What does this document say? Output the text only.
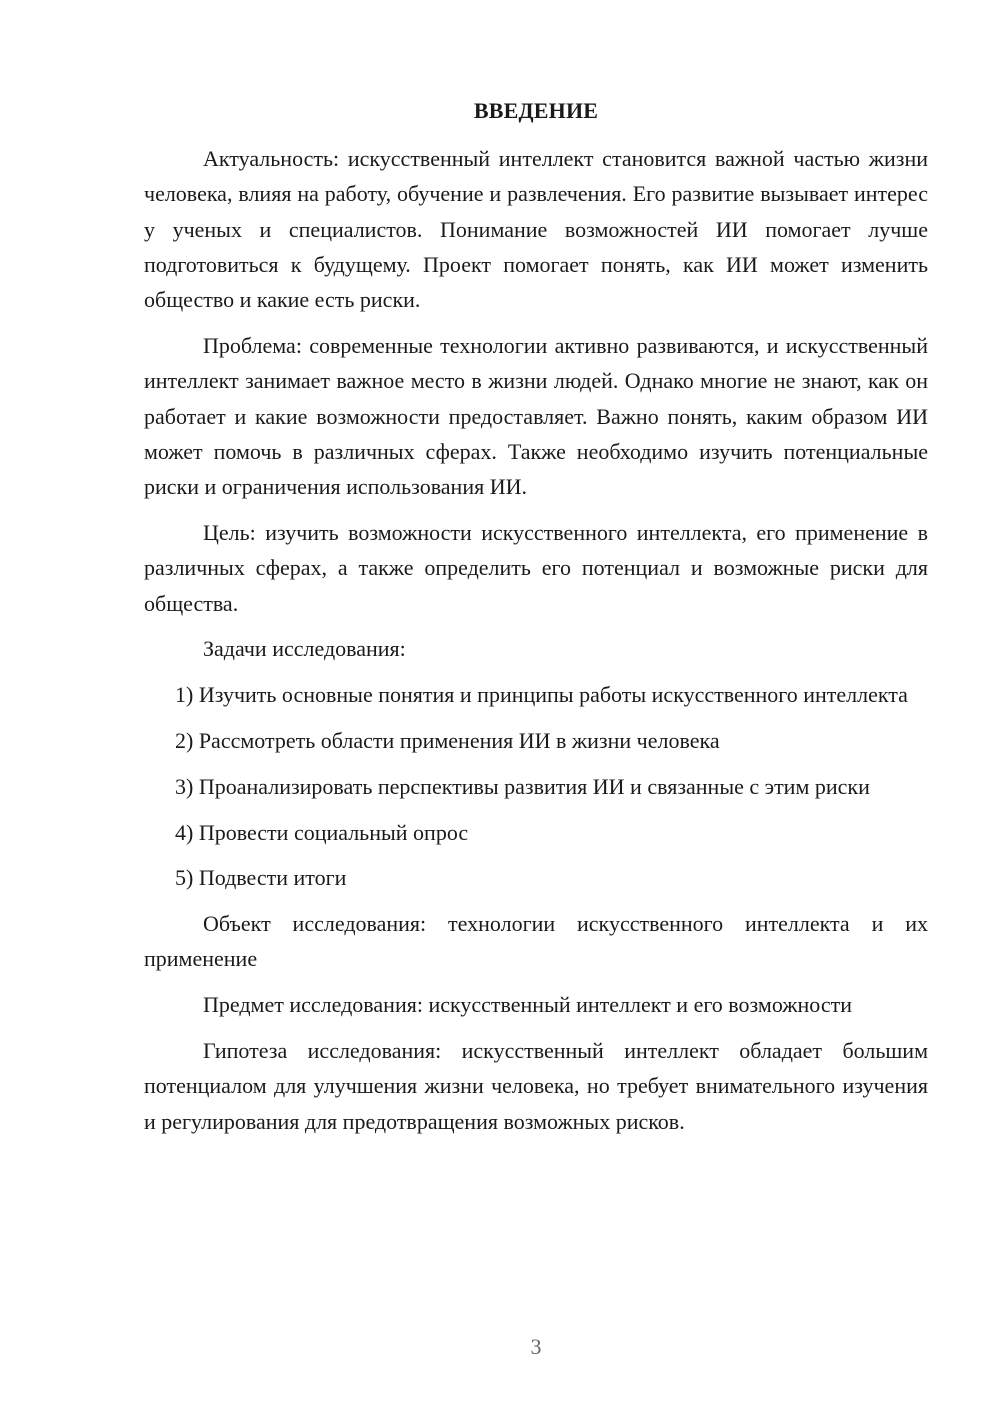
ВВЕДЕНИЕ

Актуальность: искусственный интеллект становится важной частью жизни человека, влияя на работу, обучение и развлечения. Его развитие вызывает интерес у ученых и специалистов. Понимание возможностей ИИ помогает лучше подготовиться к будущему. Проект помогает понять, как ИИ может изменить общество и какие есть риски.

Проблема: современные технологии активно развиваются, и искусственный интеллект занимает важное место в жизни людей. Однако многие не знают, как он работает и какие возможности предоставляет. Важно понять, каким образом ИИ может помочь в различных сферах. Также необходимо изучить потенциальные риски и ограничения использования ИИ.

Цель: изучить возможности искусственного интеллекта, его применение в различных сферах, а также определить его потенциал и возможные риски для общества.

Задачи исследования:

1) Изучить основные понятия и принципы работы искусственного интеллекта

2) Рассмотреть области применения ИИ в жизни человека

3) Проанализировать перспективы развития ИИ и связанные с этим риски

4) Провести социальный опрос

5) Подвести итоги

Объект исследования: технологии искусственного интеллекта и их применение

Предмет исследования: искусственный интеллект и его возможности

Гипотеза исследования: искусственный интеллект обладает большим потенциалом для улучшения жизни человека, но требует внимательного изучения и регулирования для предотвращения возможных рисков.

3
